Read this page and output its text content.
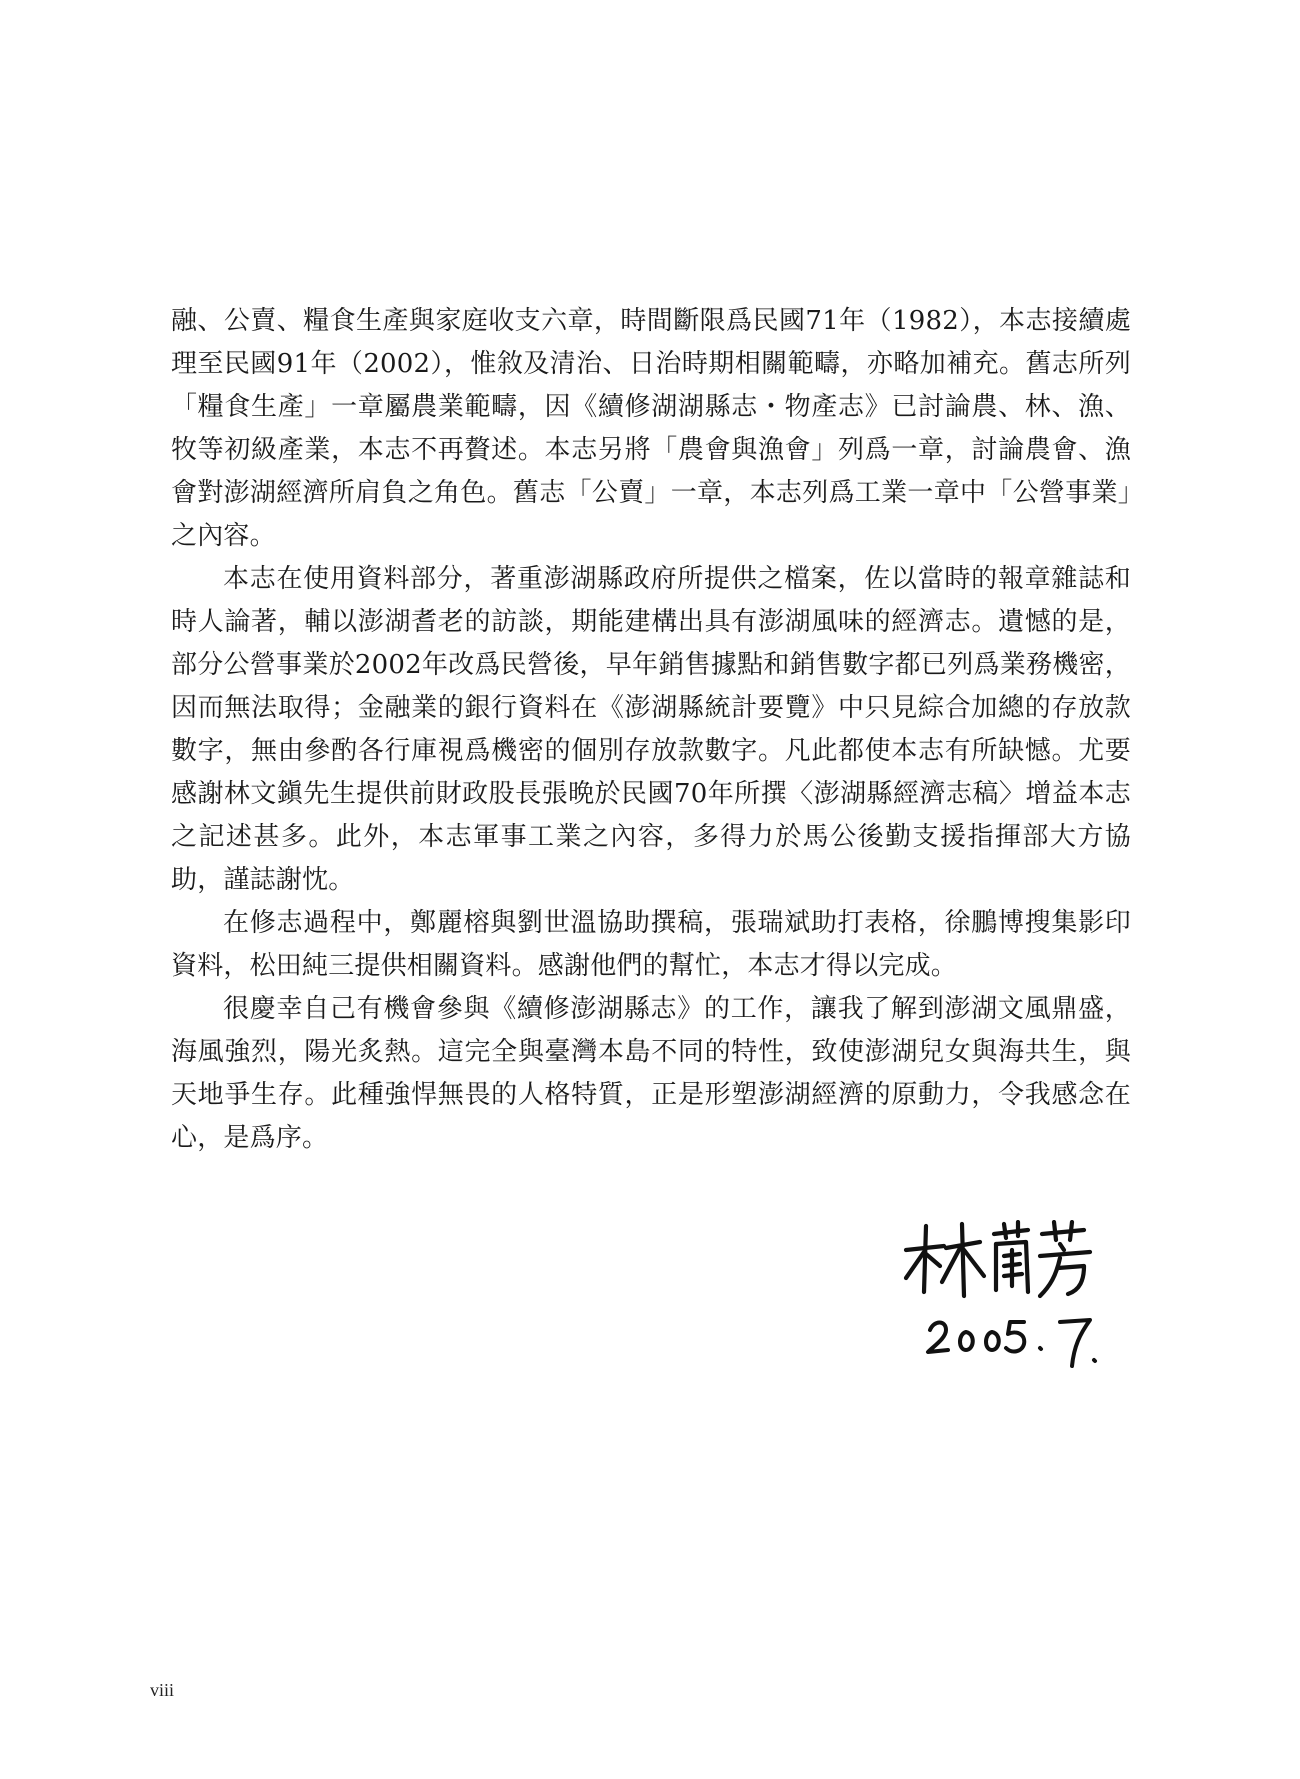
融、公賣、糧食生產與家庭收支六章，時間斷限爲民國71年（1982），本志接續處理至民國91年（2002），惟敘及清治、日治時期相關範疇，亦略加補充。舊志所列「糧食生產」一章屬農業範疇，因《續修湖湖縣志・物產志》已討論農、林、漁、牧等初級產業，本志不再贅述。本志另將「農會與漁會」列爲一章，討論農會、漁會對澎湖經濟所肩負之角色。舊志「公賣」一章，本志列爲工業一章中「公營事業」之內容。

本志在使用資料部分，著重澎湖縣政府所提供之檔案，佐以當時的報章雜誌和時人論著，輔以澎湖耆老的訪談，期能建構出具有澎湖風味的經濟志。遺憾的是，部分公營事業於2002年改爲民營後，早年銷售據點和銷售數字都已列爲業務機密，因而無法取得；金融業的銀行資料在《澎湖縣統計要覽》中只見綜合加總的存放款數字，無由參酌各行庫視爲機密的個別存放款數字。凡此都使本志有所缺憾。尤要感謝林文鎭先生提供前財政股長張晩於民國70年所撰〈澎湖縣經濟志稿〉增益本志之記述甚多。此外，本志軍事工業之內容，多得力於馬公後勤支援指揮部大方協助，謹誌謝忱。

在修志過程中，鄭麗榕與劉世溫協助撰稿，張瑞斌助打表格，徐鵬博搜集影印資料，松田純三提供相關資料。感謝他們的幫忙，本志才得以完成。

很慶幸自己有機會參與《續修澎湖縣志》的工作，讓我了解到澎湖文風鼎盛，海風強烈，陽光炙熱。這完全與臺灣本島不同的特性，致使澎湖兒女與海共生，與天地爭生存。此種強悍無畏的人格特質，正是形塑澎湖經濟的原動力，令我感念在心，是爲序。

viii
